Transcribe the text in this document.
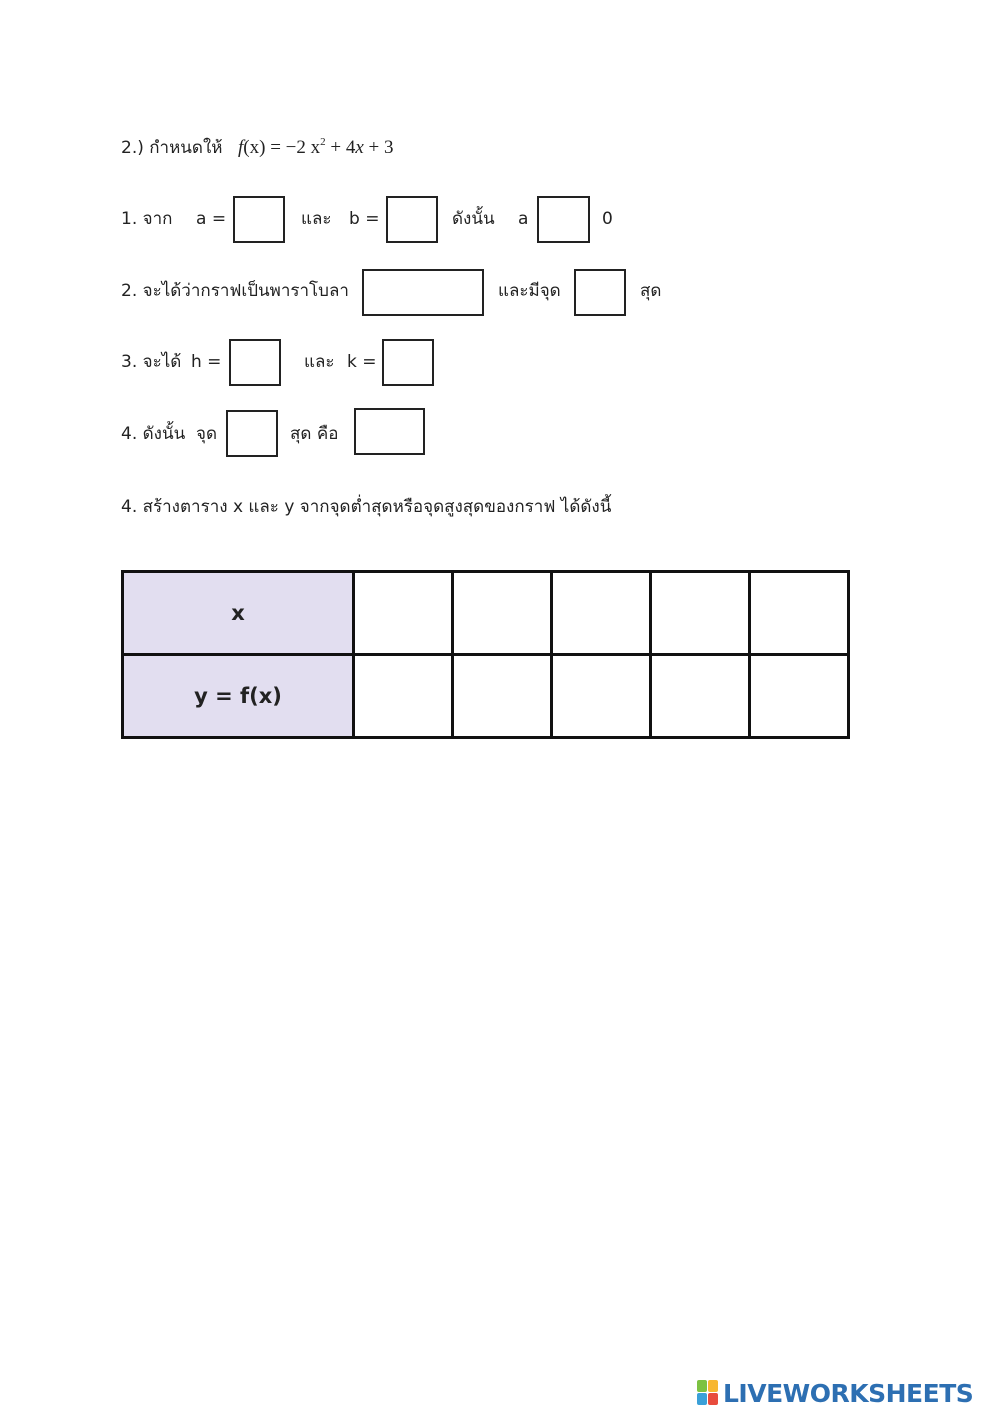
2.) กำหนดให้ f(x) = −2 $x^2 + 4x + 3$
1. จาก a =	และ b =	ดังนั้น a	0
2. จะได้ว่ากราฟเป็นพาราโบลา	และมีจุด	สุด
3. จะได้ h =	และ k =
4. ดังนั้น จุด	สุด คือ
4. สร้างตาราง x และ y จากจุดต่ำสุดหรือจุดสูงสุดของกราฟ ได้ดังนี้
x					
y = f(x)					
LIVEWORKSHEETS
